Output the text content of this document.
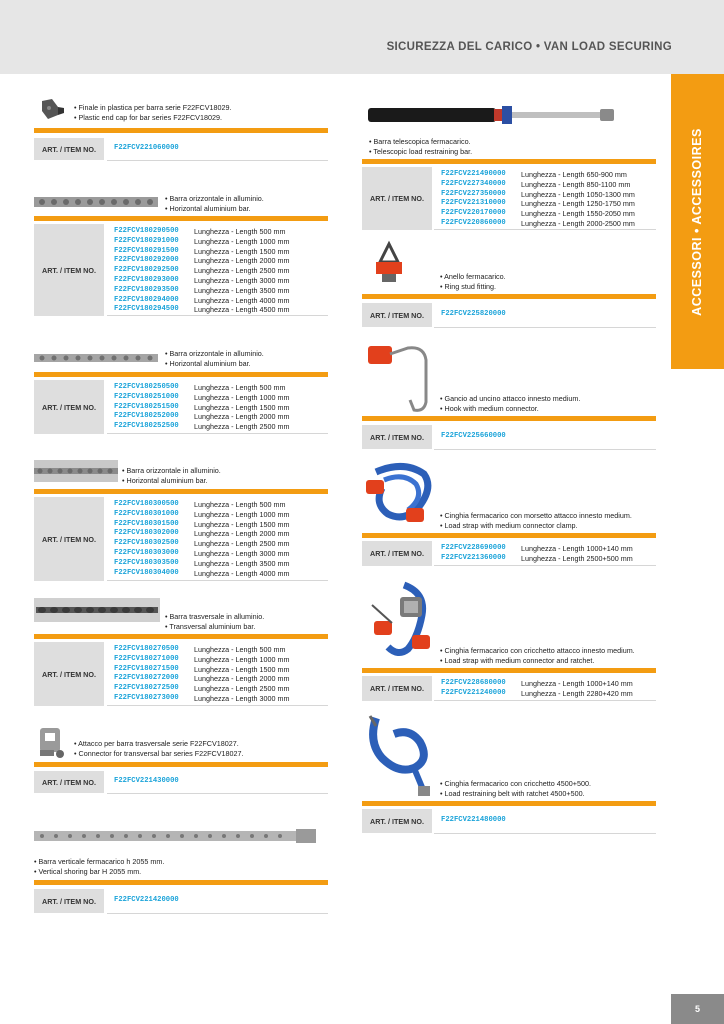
SICUREZZA DEL CARICO • VAN LOAD SECURING
ACCESSORI • ACCESSOIRES
• Finale in plastica per barra serie F22FCV18029.
• Plastic end cap for bar series F22FCV18029.
ART. / ITEM NO.	F22FCV221060000
• Barra orizzontale in alluminio.
• Horizontal aluminium bar.
ART. / ITEM NO.
F22FCV180290500	Lunghezza - Length 500 mm
F22FCV180291000	Lunghezza - Length 1000 mm
F22FCV180291500	Lunghezza - Length 1500 mm
F22FCV180292000	Lunghezza - Length 2000 mm
F22FCV180292500	Lunghezza - Length 2500 mm
F22FCV180293000	Lunghezza - Length 3000 mm
F22FCV180293500	Lunghezza - Length 3500 mm
F22FCV180294000	Lunghezza - Length 4000 mm
F22FCV180294500	Lunghezza - Length 4500 mm
• Barra orizzontale in alluminio.
• Horizontal aluminium bar.
ART. / ITEM NO.
F22FCV180250500	Lunghezza - Length 500 mm
F22FCV180251000	Lunghezza - Length 1000 mm
F22FCV180251500	Lunghezza - Length 1500 mm
F22FCV180252000	Lunghezza - Length 2000 mm
F22FCV180252500	Lunghezza - Length 2500 mm
• Barra orizzontale in alluminio.
• Horizontal aluminium bar.
ART. / ITEM NO.
F22FCV180300500	Lunghezza - Length 500 mm
F22FCV180301000	Lunghezza - Length 1000 mm
F22FCV180301500	Lunghezza - Length 1500 mm
F22FCV180302000	Lunghezza - Length 2000 mm
F22FCV180302500	Lunghezza - Length 2500 mm
F22FCV180303000	Lunghezza - Length 3000 mm
F22FCV180303500	Lunghezza - Length 3500 mm
F22FCV180304000	Lunghezza - Length 4000 mm
• Barra trasversale in alluminio.
• Transversal aluminium bar.
ART. / ITEM NO.
F22FCV180270500	Lunghezza - Length 500 mm
F22FCV180271000	Lunghezza - Length 1000 mm
F22FCV180271500	Lunghezza - Length 1500 mm
F22FCV180272000	Lunghezza - Length 2000 mm
F22FCV180272500	Lunghezza - Length 2500 mm
F22FCV180273000	Lunghezza - Length 3000 mm
• Attacco per barra trasversale serie F22FCV18027.
• Connector for transversal bar series F22FCV18027.
ART. / ITEM NO.	F22FCV221430000
• Barra verticale fermacarico h 2055 mm.
• Vertical shoring bar H 2055 mm.
ART. / ITEM NO.	F22FCV221420000
• Barra telescopica fermacarico.
• Telescopic load restraining bar.
ART. / ITEM NO.
F22FCV221490000	Lunghezza - Length 650-900 mm
F22FCV227340000	Lunghezza - Length 850-1100 mm
F22FCV227350000	Lunghezza - Length 1050-1300 mm
F22FCV221310000	Lunghezza - Length 1250-1750 mm
F22FCV220170000	Lunghezza - Length 1550-2050 mm
F22FCV220860000	Lunghezza - Length 2000-2500 mm
• Anello fermacarico.
• Ring stud fitting.
ART. / ITEM NO.	F22FCV225820000
• Gancio ad uncino attacco innesto medium.
• Hook with medium connector.
ART. / ITEM NO.	F22FCV225660000
• Cinghia fermacarico con morsetto attacco innesto medium.
• Load strap with medium connector clamp.
ART. / ITEM NO.
F22FCV228690000	Lunghezza - Length 1000+140 mm
F22FCV221360000	Lunghezza - Length 2500+500 mm
• Cinghia fermacarico con cricchetto attacco innesto medium.
• Load strap with medium connector and ratchet.
ART. / ITEM NO.
F22FCV228680000	Lunghezza - Length 1000+140 mm
F22FCV221240000	Lunghezza - Length 2280+420 mm
• Cinghia fermacarico con cricchetto 4500+500.
• Load restraining belt with ratchet 4500+500.
ART. / ITEM NO.	F22FCV221480000
5
